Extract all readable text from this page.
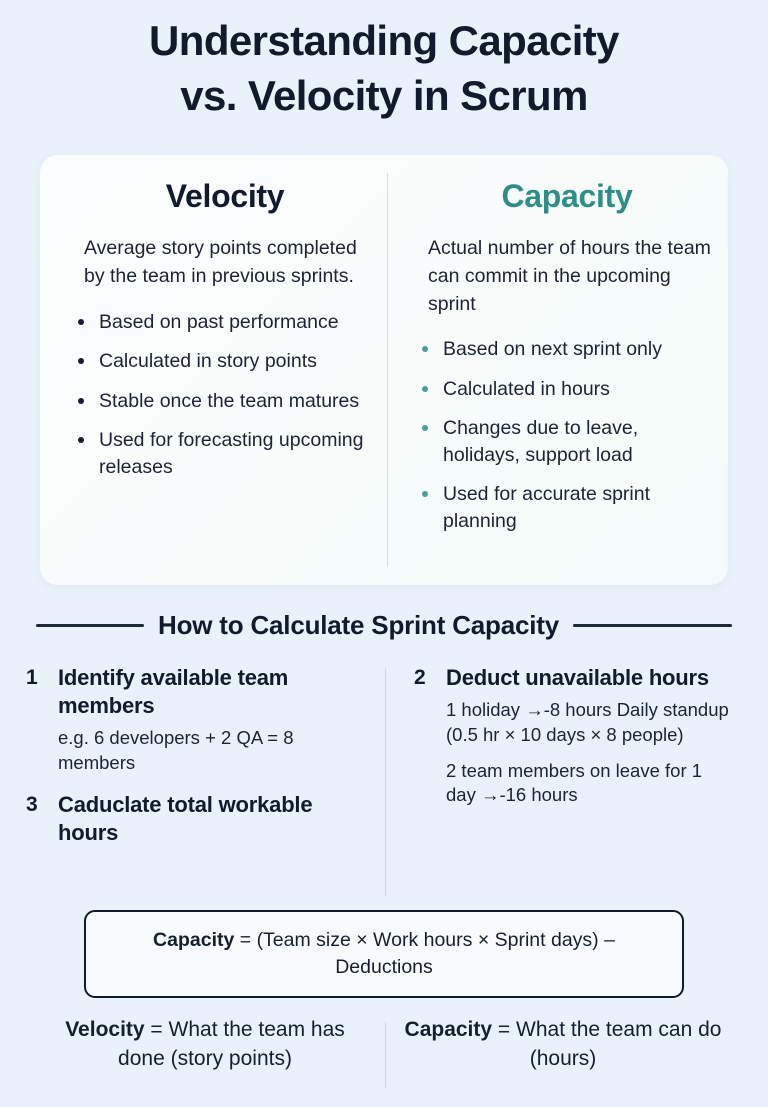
Understanding Capacity
vs. Velocity in Scrum
Velocity
Average story points completed by the team in previous sprints.
Based on past performance
Calculated in story points
Stable once the team matures
Used for forecasting upcoming releases
Capacity
Actual number of hours the team can commit in the upcoming sprint
Based on next sprint only
Calculated in hours
Changes due to leave, holidays, support load
Used for accurate sprint planning
How to Calculate Sprint Capacity
1 Identify available team members
e.g. 6 developers + 2 QA = 8 members
3 Caduclate total workable hours
2 Deduct unavailable hours
1 holiday →-8 hours Daily standup (0.5 hr × 10 days × 8 people)
2 team members on leave for 1 day →-16 hours
Capacity = (Team size × Work hours × Sprint days) – Deductions
Velocity = What the team has done (story points)
Capacity = What the team can do (hours)
